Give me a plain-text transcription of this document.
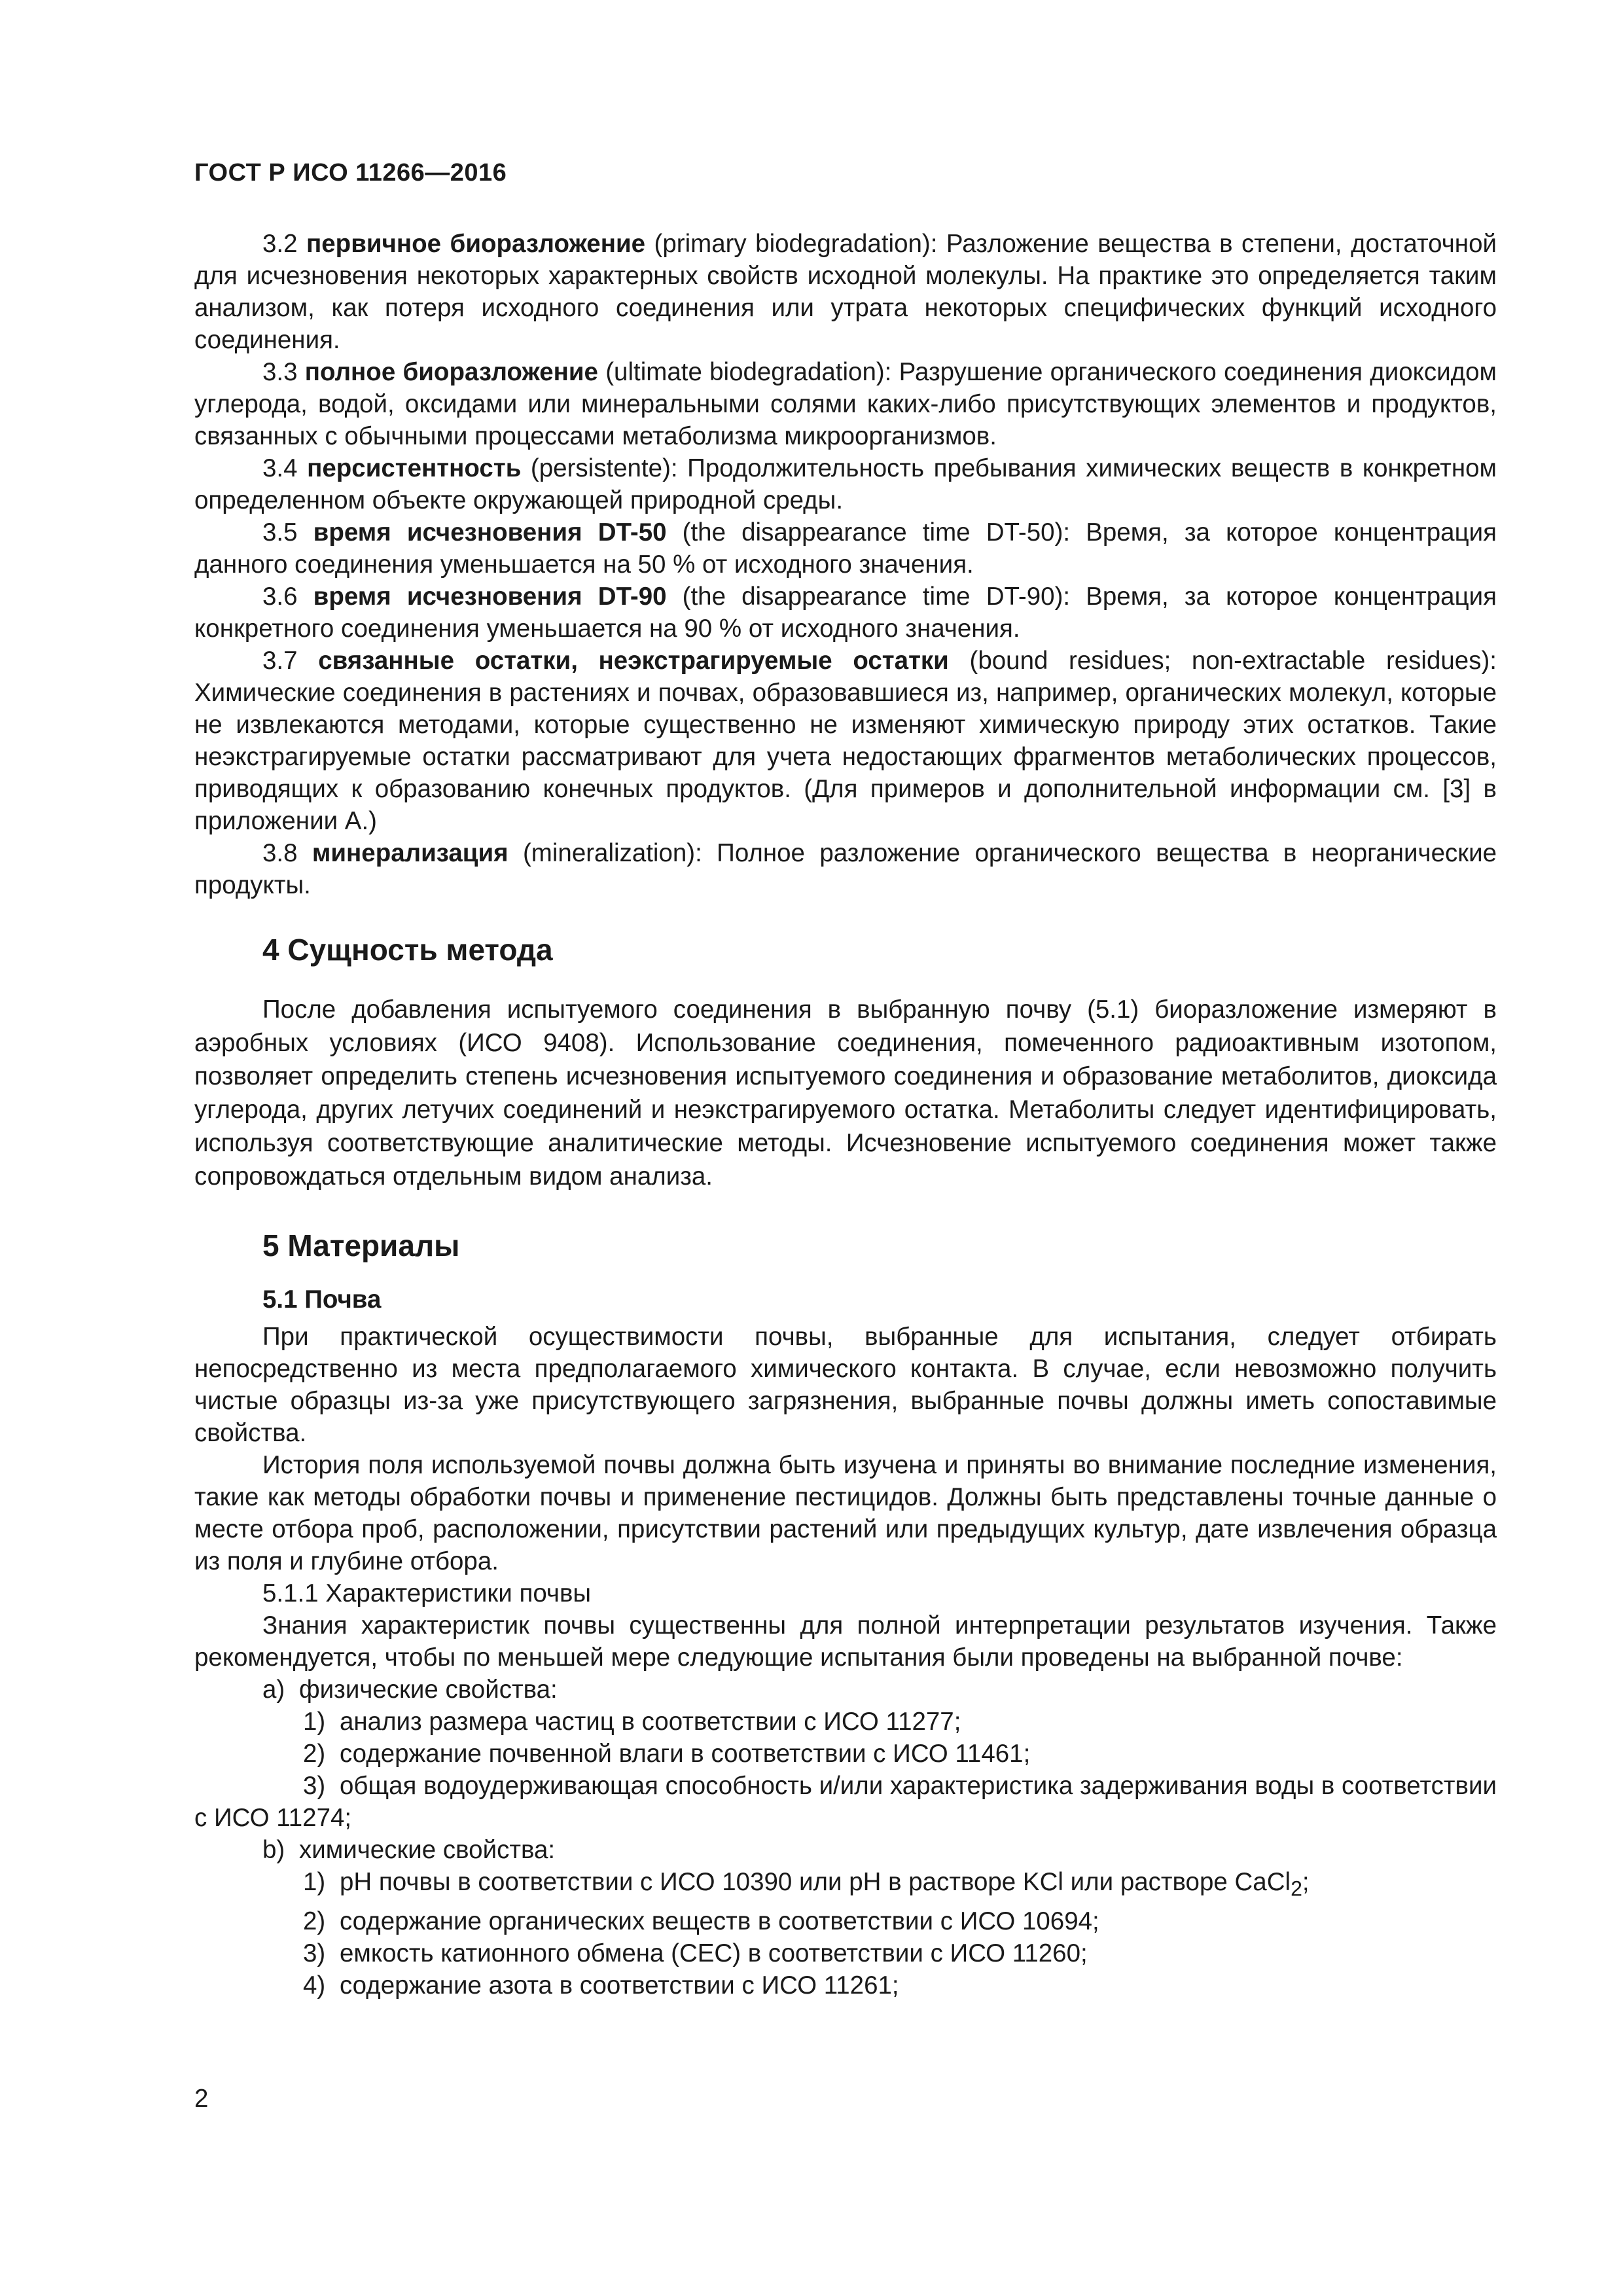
ГОСТ Р ИСО 11266—2016

3.2 первичное биоразложение (primary biodegradation): Разложение вещества в степени, достаточной для исчезновения некоторых характерных свойств исходной молекулы. На практике это определяется таким анализом, как потеря исходного соединения или утрата некоторых специфических функций исходного соединения.

3.3 полное биоразложение (ultimate biodegradation): Разрушение органического соединения диоксидом углерода, водой, оксидами или минеральными солями каких-либо присутствующих элементов и продуктов, связанных с обычными процессами метаболизма микроорганизмов.

3.4 персистентность (persistente): Продолжительность пребывания химических веществ в конкретном определенном объекте окружающей природной среды.

3.5 время исчезновения DT-50 (the disappearance time DT-50): Время, за которое концентрация данного соединения уменьшается на 50 % от исходного значения.

3.6 время исчезновения DT-90 (the disappearance time DT-90): Время, за которое концентрация конкретного соединения уменьшается на 90 % от исходного значения.

3.7 связанные остатки, неэкстрагируемые остатки (bound residues; non-extractable residues): Химические соединения в растениях и почвах, образовавшиеся из, например, органических молекул, которые не извлекаются методами, которые существенно не изменяют химическую природу этих остатков. Такие неэкстрагируемые остатки рассматривают для учета недостающих фрагментов метаболических процессов, приводящих к образованию конечных продуктов. (Для примеров и дополнительной информации см. [3] в приложении А.)

3.8 минерализация (mineralization): Полное разложение органического вещества в неорганические продукты.

4 Сущность метода

После добавления испытуемого соединения в выбранную почву (5.1) биоразложение измеряют в аэробных условиях (ИСО 9408). Использование соединения, помеченного радиоактивным изотопом, позволяет определить степень исчезновения испытуемого соединения и образование метаболитов, диоксида углерода, других летучих соединений и неэкстрагируемого остатка. Метаболиты следует идентифицировать, используя соответствующие аналитические методы. Исчезновение испытуемого соединения может также сопровождаться отдельным видом анализа.

5 Материалы
5.1 Почва

При практической осуществимости почвы, выбранные для испытания, следует отбирать непосредственно из места предполагаемого химического контакта. В случае, если невозможно получить чистые образцы из-за уже присутствующего загрязнения, выбранные почвы должны иметь сопоставимые свойства.

История поля используемой почвы должна быть изучена и приняты во внимание последние изменения, такие как методы обработки почвы и применение пестицидов. Должны быть представлены точные данные о месте отбора проб, расположении, присутствии растений или предыдущих культур, дате извлечения образца из поля и глубине отбора.

5.1.1 Характеристики почвы

Знания характеристик почвы существенны для полной интерпретации результатов изучения. Также рекомендуется, чтобы по меньшей мере следующие испытания были проведены на выбранной почве:

a) физические свойства:

1) анализ размера частиц в соответствии с ИСО 11277;

2) содержание почвенной влаги в соответствии с ИСО 11461;

3) общая водоудерживающая способность и/или характеристика задерживания воды в соответствии с ИСО 11274;

b) химические свойства:

1) pH почвы в соответствии с ИСО 10390 или pH в растворе KCl или растворе CaCl$_2$;

2) содержание органических веществ в соответствии с ИСО 10694;

3) емкость катионного обмена (CEC) в соответствии с ИСО 11260;

4) содержание азота в соответствии с ИСО 11261;

2
